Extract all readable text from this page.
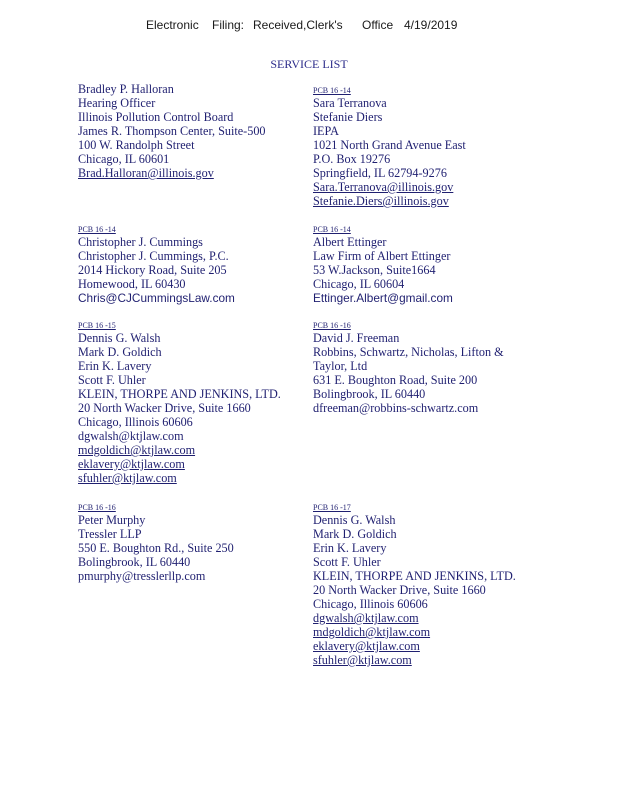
Electronic Filing: Received,Clerk's Office 4/19/2019
SERVICE LIST
Bradley P. Halloran
Hearing Officer
Illinois Pollution Control Board
James R. Thompson Center, Suite-500
100 W. Randolph Street
Chicago, IL 60601
Brad.Halloran@illinois.gov
PCB 16 -14
Sara Terranova
Stefanie Diers
IEPA
1021 North Grand Avenue East
P.O. Box 19276
Springfield, IL 62794-9276
Sara.Terranova@illinois.gov
Stefanie.Diers@illinois.gov
PCB 16 -14
Christopher J. Cummings
Christopher J. Cummings, P.C.
2014 Hickory Road, Suite 205
Homewood, IL 60430
Chris@CJCummingsLaw.com
PCB 16 -14
Albert Ettinger
Law Firm of Albert Ettinger
53 W.Jackson, Suite1664
Chicago, IL 60604
Ettinger.Albert@gmail.com
PCB 16 -15
Dennis G. Walsh
Mark D. Goldich
Erin K. Lavery
Scott F. Uhler
KLEIN, THORPE AND JENKINS, LTD.
20 North Wacker Drive, Suite 1660
Chicago, Illinois 60606
dgwalsh@ktjlaw.com
mdgoldich@ktjlaw.com
eklavery@ktjlaw.com
sfuhler@ktjlaw.com
PCB 16 -16
David J. Freeman
Robbins, Schwartz, Nicholas, Lifton &
Taylor, Ltd
631 E. Boughton Road, Suite 200
Bolingbrook, IL 60440
dfreeman@robbins-schwartz.com
PCB 16 -16
Peter Murphy
Tressler LLP
550 E. Boughton Rd., Suite 250
Bolingbrook, IL 60440
pmurphy@tresslerllp.com
PCB 16 -17
Dennis G. Walsh
Mark D. Goldich
Erin K. Lavery
Scott F. Uhler
KLEIN, THORPE AND JENKINS, LTD.
20 North Wacker Drive, Suite 1660
Chicago, Illinois 60606
dgwalsh@ktjlaw.com
mdgoldich@ktjlaw.com
eklavery@ktjlaw.com
sfuhler@ktjlaw.com
